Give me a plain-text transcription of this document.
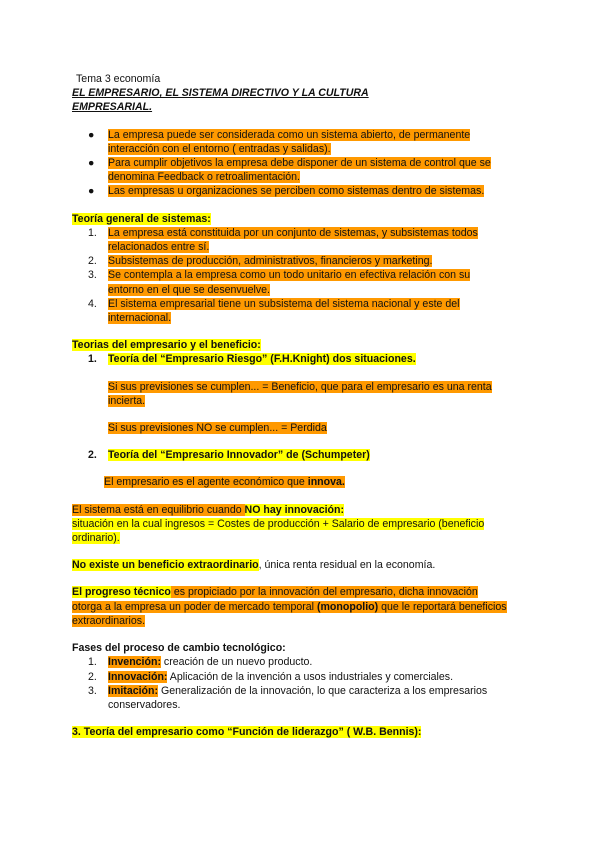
Tema 3 economía
EL EMPRESARIO, EL SISTEMA DIRECTIVO Y LA CULTURA
EMPRESARIAL.
● La empresa puede ser considerada como un sistema abierto, de permanente
interacción con el entorno ( entradas y salidas).
● Para cumplir objetivos la empresa debe disponer de un sistema de control que se
denomina Feedback o retroalimentación.
● Las empresas u organizaciones se perciben como sistemas dentro de sistemas.
Teoría general de sistemas:
1. La empresa está constituida por un conjunto de sistemas, y subsistemas todos
relacionados entre sí.
2. Subsistemas de producción, administrativos, financieros y marketing.
3. Se contempla a la empresa como un todo unitario en efectiva relación con su
entorno en el que se desenvuelve.
4. El sistema empresarial tiene un subsistema del sistema nacional y este del
internacional.
Teorias del empresario y el beneficio:
1. Teoría del “Empresario Riesgo” (F.H.Knight) dos situaciones.
Si sus previsiones se cumplen... = Beneficio, que para el empresario es una renta
incierta.
Si sus previsiones NO se cumplen... = Perdida
2. Teoría del “Empresario Innovador” de (Schumpeter)
El empresario es el agente económico que innova.
El sistema está en equilibrio cuando NO hay innovación:
situación en la cual ingresos = Costes de producción + Salario de empresario (beneficio
ordinario).
No existe un beneficio extraordinario, única renta residual en la economía.
El progreso técnico es propiciado por la innovación del empresario, dicha innovación
otorga a la empresa un poder de mercado temporal (monopolio) que le reportará beneficios
extraordinarios.
Fases del proceso de cambio tecnológico:
1. Invención: creación de un nuevo producto.
2. Innovación: Aplicación de la invención a usos industriales y comerciales.
3. Imitación: Generalización de la innovación, lo que caracteriza a los empresarios
conservadores.
3. Teoría del empresario como “Función de liderazgo” ( W.B. Bennis):
